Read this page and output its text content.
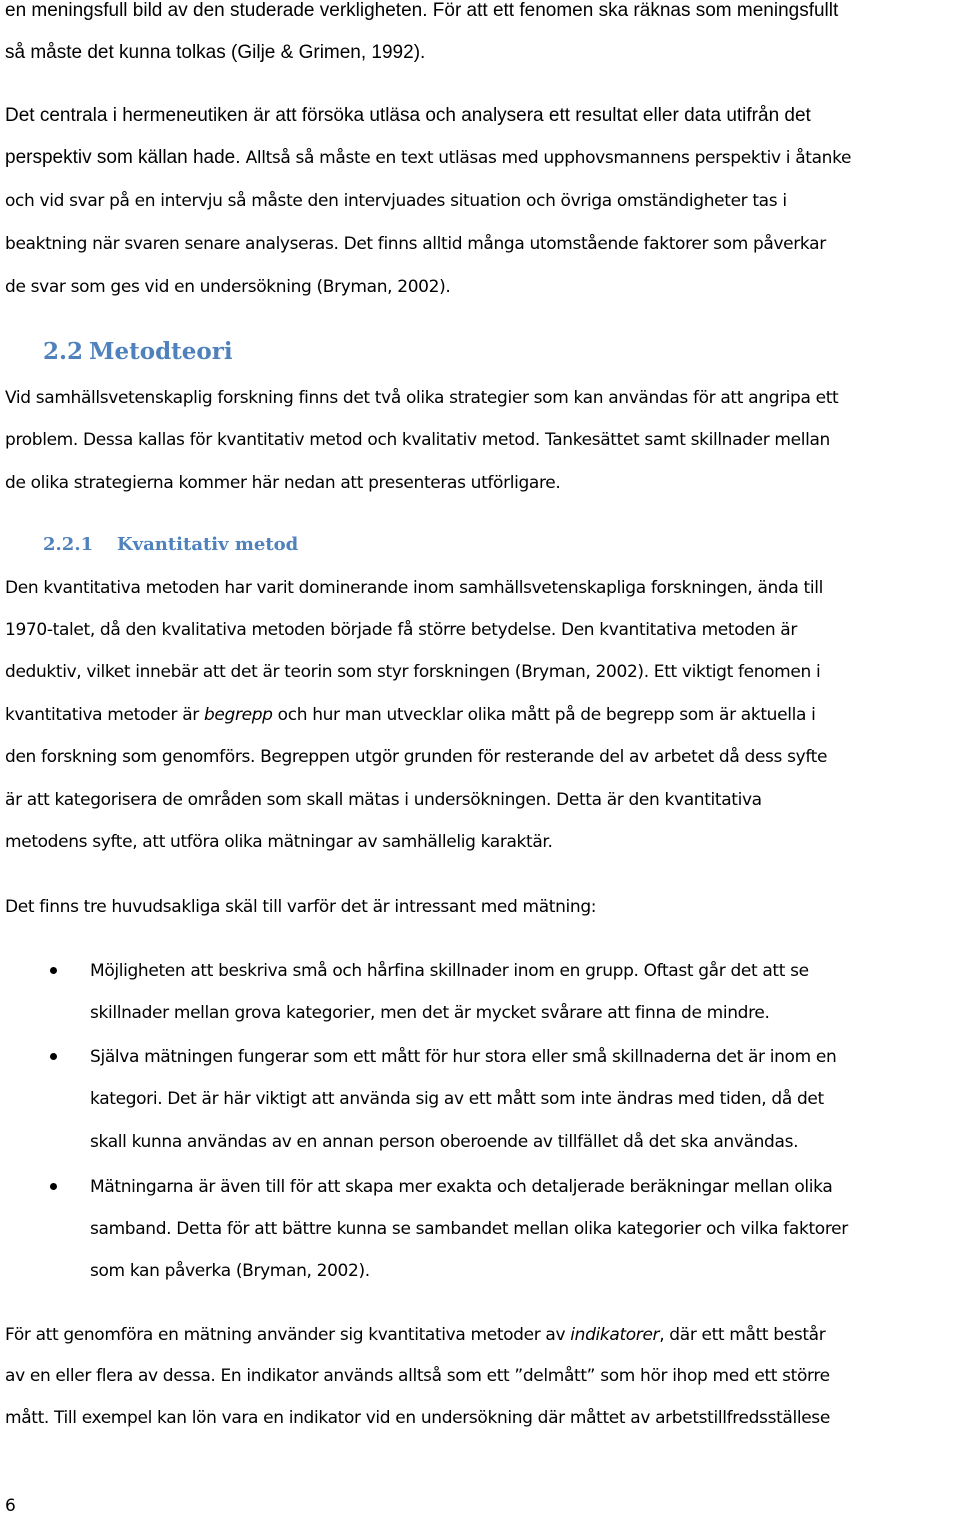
en meningsfull bild av den studerade verkligheten. För att ett fenomen ska räknas som meningsfullt
så måste det kunna tolkas (Gilje & Grimen, 1992).
Det centrala i hermeneutiken är att försöka utläsa och analysera ett resultat eller data utifrån det
perspektiv som källan hade. Alltså så måste en text utläsas med upphovsmannens perspektiv i åtanke
och vid svar på en intervju så måste den intervjuades situation och övriga omständigheter tas i
beaktning när svaren senare analyseras. Det finns alltid många utomstående faktorer som påverkar
de svar som ges vid en undersökning (Bryman, 2002).
2.2 Metodteori
Vid samhällsvetenskaplig forskning finns det två olika strategier som kan användas för att angripa ett
problem. Dessa kallas för kvantitativ metod och kvalitativ metod. Tankesättet samt skillnader mellan
de olika strategierna kommer här nedan att presenteras utförligare.
2.2.1 Kvantitativ metod
Den kvantitativa metoden har varit dominerande inom samhällsvetenskapliga forskningen, ända till
1970-talet, då den kvalitativa metoden började få större betydelse. Den kvantitativa metoden är
deduktiv, vilket innebär att det är teorin som styr forskningen (Bryman, 2002). Ett viktigt fenomen i
kvantitativa metoder är begrepp och hur man utvecklar olika mått på de begrepp som är aktuella i
den forskning som genomförs. Begreppen utgör grunden för resterande del av arbetet då dess syfte
är att kategorisera de områden som skall mätas i undersökningen. Detta är den kvantitativa
metodens syfte, att utföra olika mätningar av samhällelig karaktär.
Det finns tre huvudsakliga skäl till varför det är intressant med mätning:
Möjligheten att beskriva små och hårfina skillnader inom en grupp. Oftast går det att se
skillnader mellan grova kategorier, men det är mycket svårare att finna de mindre.
Själva mätningen fungerar som ett mått för hur stora eller små skillnaderna det är inom en
kategori. Det är här viktigt att använda sig av ett mått som inte ändras med tiden, då det
skall kunna användas av en annan person oberoende av tillfället då det ska användas.
Mätningarna är även till för att skapa mer exakta och detaljerade beräkningar mellan olika
samband. Detta för att bättre kunna se sambandet mellan olika kategorier och vilka faktorer
som kan påverka (Bryman, 2002).
För att genomföra en mätning använder sig kvantitativa metoder av indikatorer, där ett mått består
av en eller flera av dessa. En indikator används alltså som ett ”delmått” som hör ihop med ett större
mått. Till exempel kan lön vara en indikator vid en undersökning där måttet av arbetstillfredsställese
6
